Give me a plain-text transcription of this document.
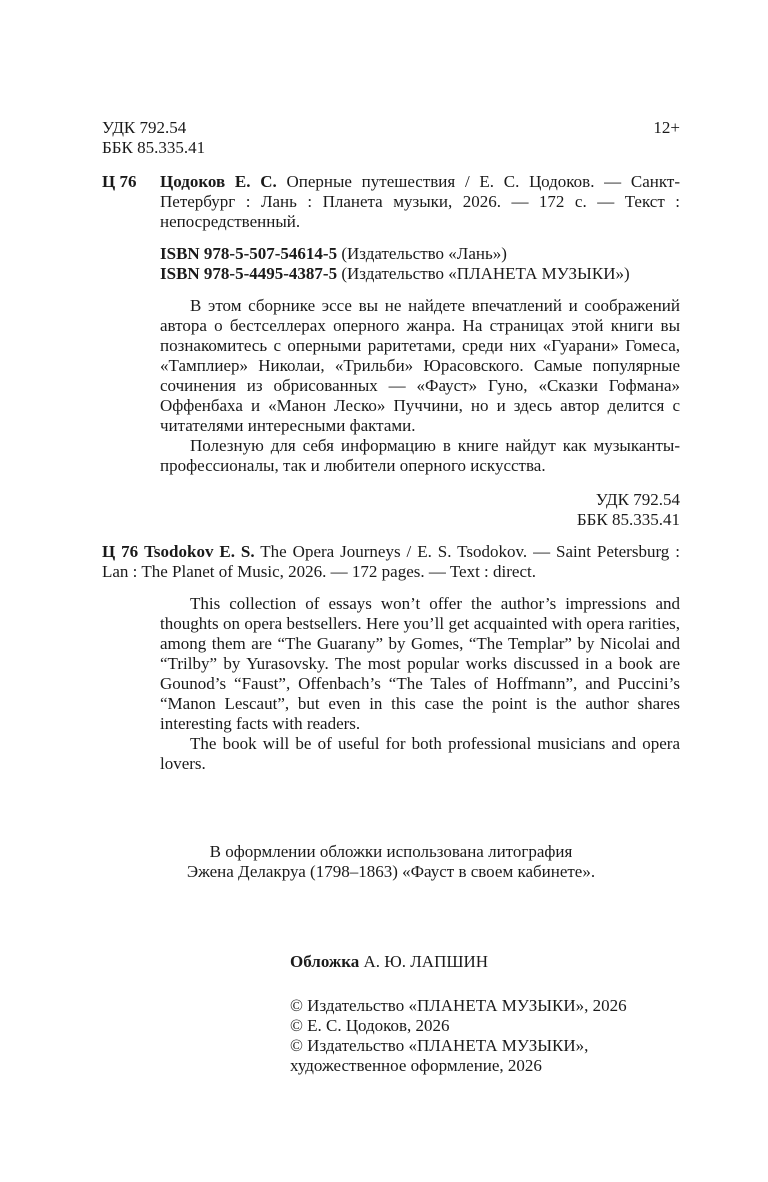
УДК 792.54
ББК 85.335.41
12+
Ц 76	Цодоков Е. С. Оперные путешествия / Е. С. Цодоков. — Санкт-Петербург : Лань : Планета музыки, 2026. — 172 с. — Текст : непосредственный.
ISBN 978-5-507-54614-5 (Издательство «Лань»)
ISBN 978-5-4495-4387-5 (Издательство «ПЛАНЕТА МУЗЫКИ»)

В этом сборнике эссе вы не найдете впечатлений и соображений автора о бестселлерах оперного жанра. На страницах этой книги вы познакомитесь с оперными раритетами, среди них «Гуарани» Гомеса, «Тамплиер» Николаи, «Трильби» Юрасовского. Самые популярные сочинения из обрисованных — «Фауст» Гуно, «Сказки Гофмана» Оффенбаха и «Манон Леско» Пуччини, но и здесь автор делится с читателями интересными фактами.

Полезную для себя информацию в книге найдут как музыканты-профессионалы, так и любители оперного искусства.

УДК 792.54
ББК 85.335.41
Ц 76 Tsodokov E. S. The Opera Journeys / E. S. Tsodokov. — Saint Petersburg : Lan : The Planet of Music, 2026. — 172 pages. — Text : direct.

This collection of essays won’t offer the author’s impressions and thoughts on opera bestsellers. Here you’ll get acquainted with opera rarities, among them are “The Guarany” by Gomes, “The Templar” by Nicolai and “Trilby” by Yurasovsky. The most popular works discussed in a book are Gounod’s “Faust”, Offenbach’s “The Tales of Hoffmann”, and Puccini’s “Manon Lescaut”, but even in this case the point is the author shares interesting facts with readers.

The book will be of useful for both professional musicians and opera lovers.

В оформлении обложки использована литография
Эжена Делакруа (1798–1863) «Фауст в своем кабинете».
Обложка А. Ю. ЛАПШИН
© Издательство «ПЛАНЕТА МУЗЫКИ», 2026
© Е. С. Цодоков, 2026
© Издательство «ПЛАНЕТА МУЗЫКИ», художественное оформление, 2026
